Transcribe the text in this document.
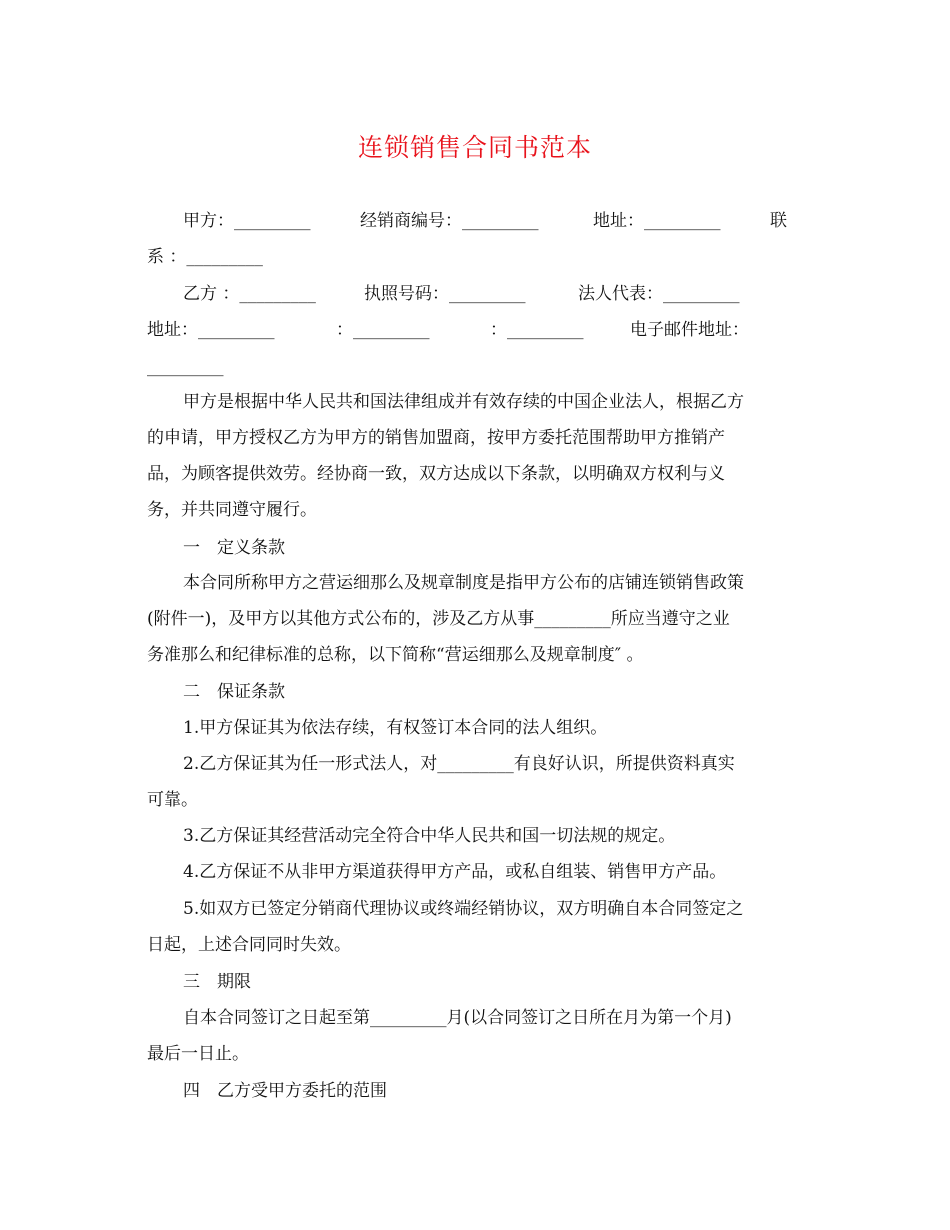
连锁销售合同书范本
甲方：_________	经销商编号：_________	地址：_________	联
系 ：_________
乙方 ：_________	执照号码：_________	法人代表：_________
地址：_________	：_________	：_________	电子邮件地址：
_________
甲方是根据中华人民共和国法律组成并有效存续的中国企业法人，根据乙方
的申请，甲方授权乙方为甲方的销售加盟商，按甲方委托范围帮助甲方推销产
品，为顾客提供效劳。经协商一致，双方达成以下条款，以明确双方权利与义
务，并共同遵守履行。
一　定义条款
本合同所称甲方之营运细那么及规章制度是指甲方公布的店铺连锁销售政策
(附件一)，及甲方以其他方式公布的，涉及乙方从事_________所应当遵守之业
务准那么和纪律标准的总称，以下简称“营运细那么及规章制度″ 。
二　保证条款
1.甲方保证其为依法存续，有权签订本合同的法人组织。
2.乙方保证其为任一形式法人，对_________有良好认识，所提供资料真实
可靠。
3.乙方保证其经营活动完全符合中华人民共和国一切法规的规定。
4.乙方保证不从非甲方渠道获得甲方产品，或私自组装、销售甲方产品。
5.如双方已签定分销商代理协议或终端经销协议，双方明确自本合同签定之
日起，上述合同同时失效。
三　期限
自本合同签订之日起至第_________月(以合同签订之日所在月为第一个月)
最后一日止。
四　乙方受甲方委托的范围
